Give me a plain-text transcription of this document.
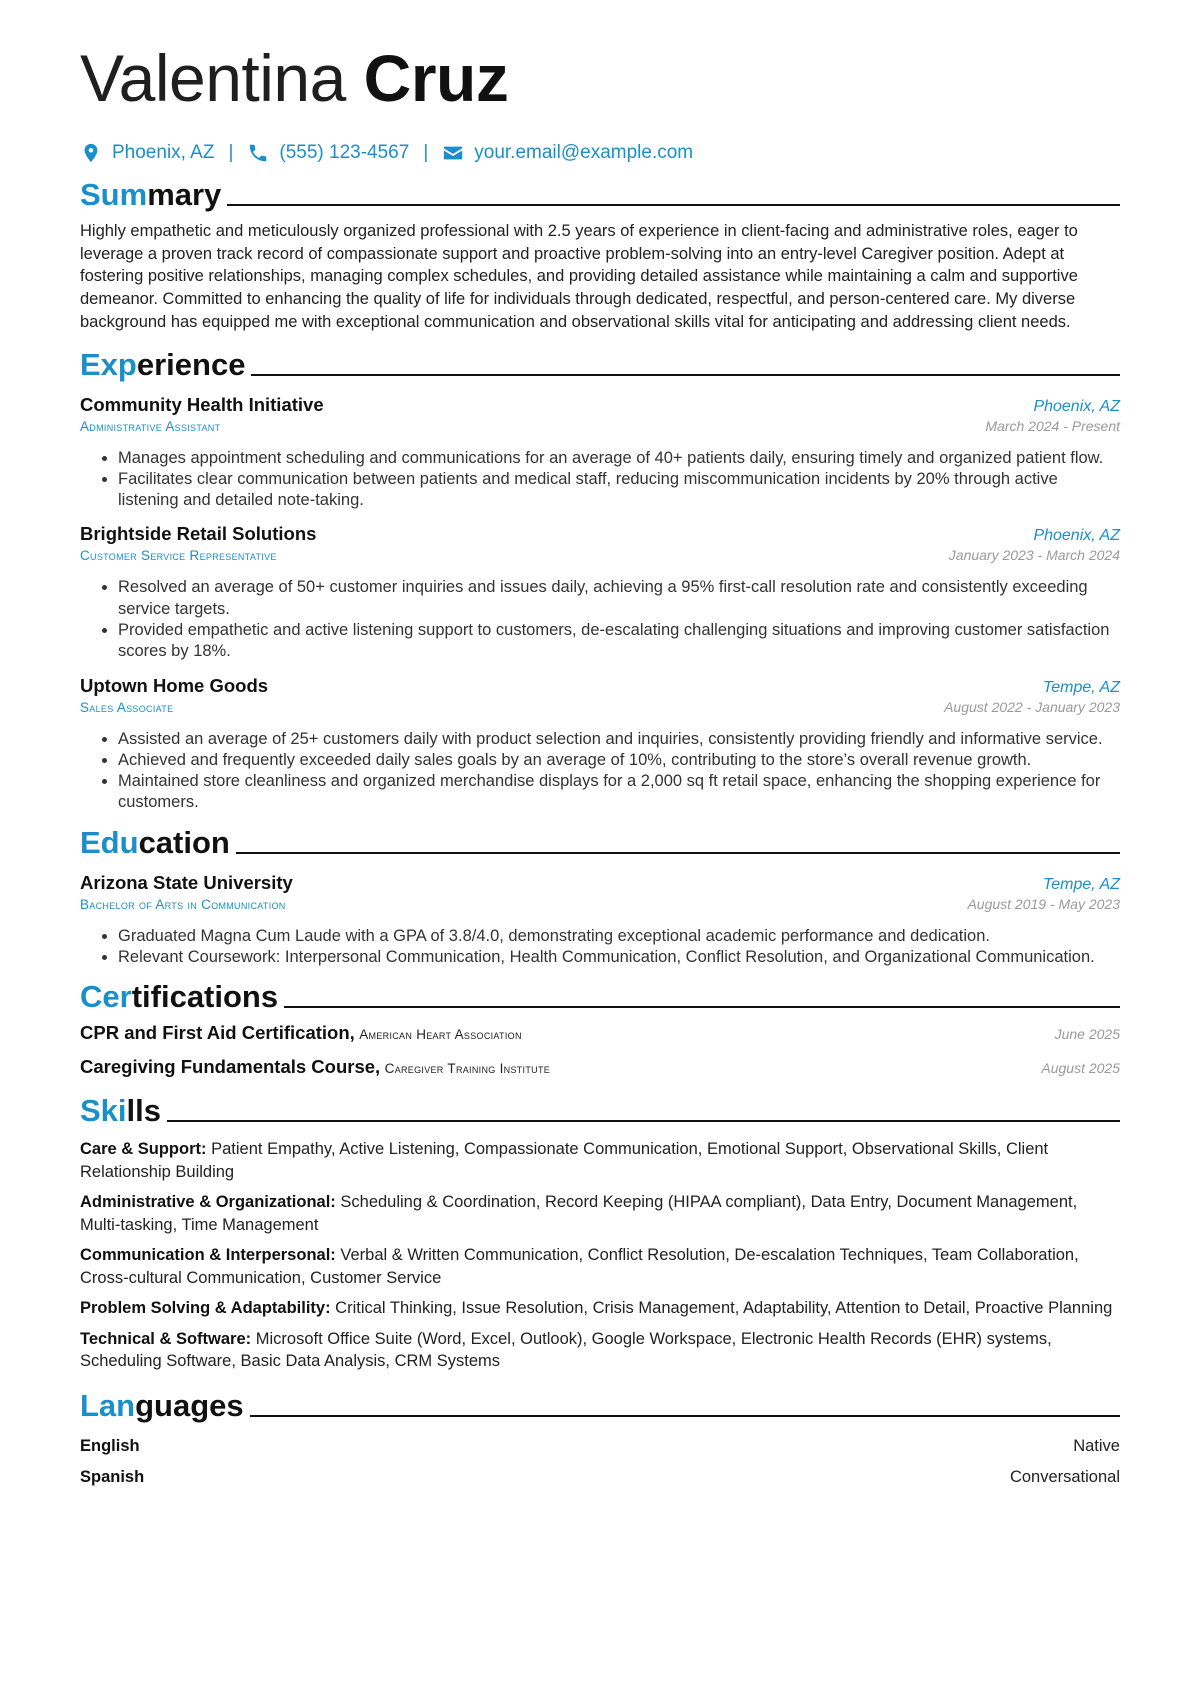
Valentina Cruz
Phoenix, AZ | (555) 123-4567 | your.email@example.com
Summary
Highly empathetic and meticulously organized professional with 2.5 years of experience in client-facing and administrative roles, eager to leverage a proven track record of compassionate support and proactive problem-solving into an entry-level Caregiver position. Adept at fostering positive relationships, managing complex schedules, and providing detailed assistance while maintaining a calm and supportive demeanor. Committed to enhancing the quality of life for individuals through dedicated, respectful, and person-centered care. My diverse background has equipped me with exceptional communication and observational skills vital for anticipating and addressing client needs.
Experience
Community Health Initiative	Phoenix, AZ
Administrative Assistant	March 2024 - Present
• Manages appointment scheduling and communications for an average of 40+ patients daily, ensuring timely and organized patient flow.
• Facilitates clear communication between patients and medical staff, reducing miscommunication incidents by 20% through active listening and detailed note-taking.
Brightside Retail Solutions	Phoenix, AZ
Customer Service Representative	January 2023 - March 2024
• Resolved an average of 50+ customer inquiries and issues daily, achieving a 95% first-call resolution rate and consistently exceeding service targets.
• Provided empathetic and active listening support to customers, de-escalating challenging situations and improving customer satisfaction scores by 18%.
Uptown Home Goods	Tempe, AZ
Sales Associate	August 2022 - January 2023
• Assisted an average of 25+ customers daily with product selection and inquiries, consistently providing friendly and informative service.
• Achieved and frequently exceeded daily sales goals by an average of 10%, contributing to the store’s overall revenue growth.
• Maintained store cleanliness and organized merchandise displays for a 2,000 sq ft retail space, enhancing the shopping experience for customers.
Education
Arizona State University	Tempe, AZ
Bachelor of Arts in Communication	August 2019 - May 2023
• Graduated Magna Cum Laude with a GPA of 3.8/4.0, demonstrating exceptional academic performance and dedication.
• Relevant Coursework: Interpersonal Communication, Health Communication, Conflict Resolution, and Organizational Communication.
Certifications
CPR and First Aid Certification, American Heart Association	June 2025
Caregiving Fundamentals Course, Caregiver Training Institute	August 2025
Skills
Care & Support: Patient Empathy, Active Listening, Compassionate Communication, Emotional Support, Observational Skills, Client Relationship Building
Administrative & Organizational: Scheduling & Coordination, Record Keeping (HIPAA compliant), Data Entry, Document Management, Multi-tasking, Time Management
Communication & Interpersonal: Verbal & Written Communication, Conflict Resolution, De-escalation Techniques, Team Collaboration, Cross-cultural Communication, Customer Service
Problem Solving & Adaptability: Critical Thinking, Issue Resolution, Crisis Management, Adaptability, Attention to Detail, Proactive Planning
Technical & Software: Microsoft Office Suite (Word, Excel, Outlook), Google Workspace, Electronic Health Records (EHR) systems, Scheduling Software, Basic Data Analysis, CRM Systems
Languages
English	Native
Spanish	Conversational
